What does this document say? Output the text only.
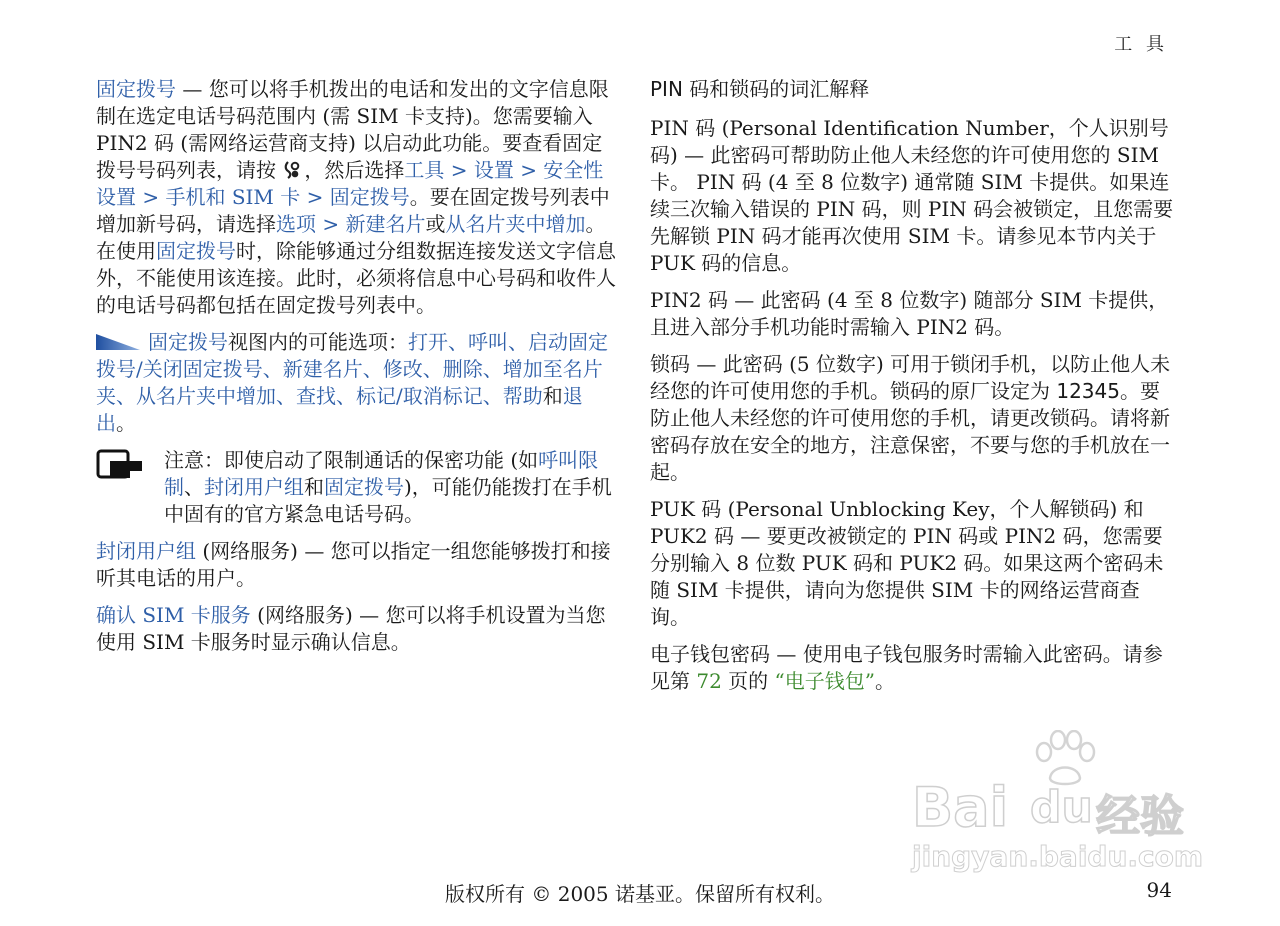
工 具

固定拨号 — 您可以将手机拨出的电话和发出的文字信息限制在选定电话号码范围内 (需 SIM 卡支持)。您需要输入 PIN2 码 (需网络运营商支持) 以启动此功能。要查看固定拨号号码列表，请按 ，然后选择工具 > 设置 > 安全性设置 > 手机和 SIM 卡 > 固定拨号。要在固定拨号列表中增加新号码，请选择选项 > 新建名片或从名片夹中增加。在使用固定拨号时，除能够通过分组数据连接发送文字信息外，不能使用该连接。此时，必须将信息中心号码和收件人的电话号码都包括在固定拨号列表中。

固定拨号视图内的可能选项：打开、呼叫、启动固定拨号/关闭固定拨号、新建名片、修改、删除、增加至名片夹、从名片夹中增加、查找、标记/取消标记、帮助和退出。

注意：即使启动了限制通话的保密功能 (如呼叫限制、封闭用户组和固定拨号)，可能仍能拨打在手机中固有的官方紧急电话号码。

封闭用户组 (网络服务) — 您可以指定一组您能够拨打和接听其电话的用户。

确认 SIM 卡服务 (网络服务) — 您可以将手机设置为当您使用 SIM 卡服务时显示确认信息。

PIN 码和锁码的词汇解释

PIN 码 (Personal Identification Number，个人识别号码) — 此密码可帮助防止他人未经您的许可使用您的 SIM 卡。 PIN 码 (4 至 8 位数字) 通常随 SIM 卡提供。如果连续三次输入错误的 PIN 码，则 PIN 码会被锁定，且您需要先解锁 PIN 码才能再次使用 SIM 卡。请参见本节内关于 PUK 码的信息。

PIN2 码 — 此密码 (4 至 8 位数字) 随部分 SIM 卡提供，且进入部分手机功能时需输入 PIN2 码。

锁码 — 此密码 (5 位数字) 可用于锁闭手机，以防止他人未经您的许可使用您的手机。锁码的原厂设定为 12345。要防止他人未经您的许可使用您的手机，请更改锁码。请将新密码存放在安全的地方，注意保密，不要与您的手机放在一起。

PUK 码 (Personal Unblocking Key，个人解锁码) 和 PUK2 码 — 要更改被锁定的 PIN 码或 PIN2 码，您需要分别输入 8 位数 PUK 码和 PUK2 码。如果这两个密码未随 SIM 卡提供，请向为您提供 SIM 卡的网络运营商查询。

电子钱包密码 — 使用电子钱包服务时需输入此密码。请参见第 72 页的 “电子钱包”。

Bai du 经验
jingyan.baidu.com
版权所有 © 2005 诺基亚。保留所有权利。	94
